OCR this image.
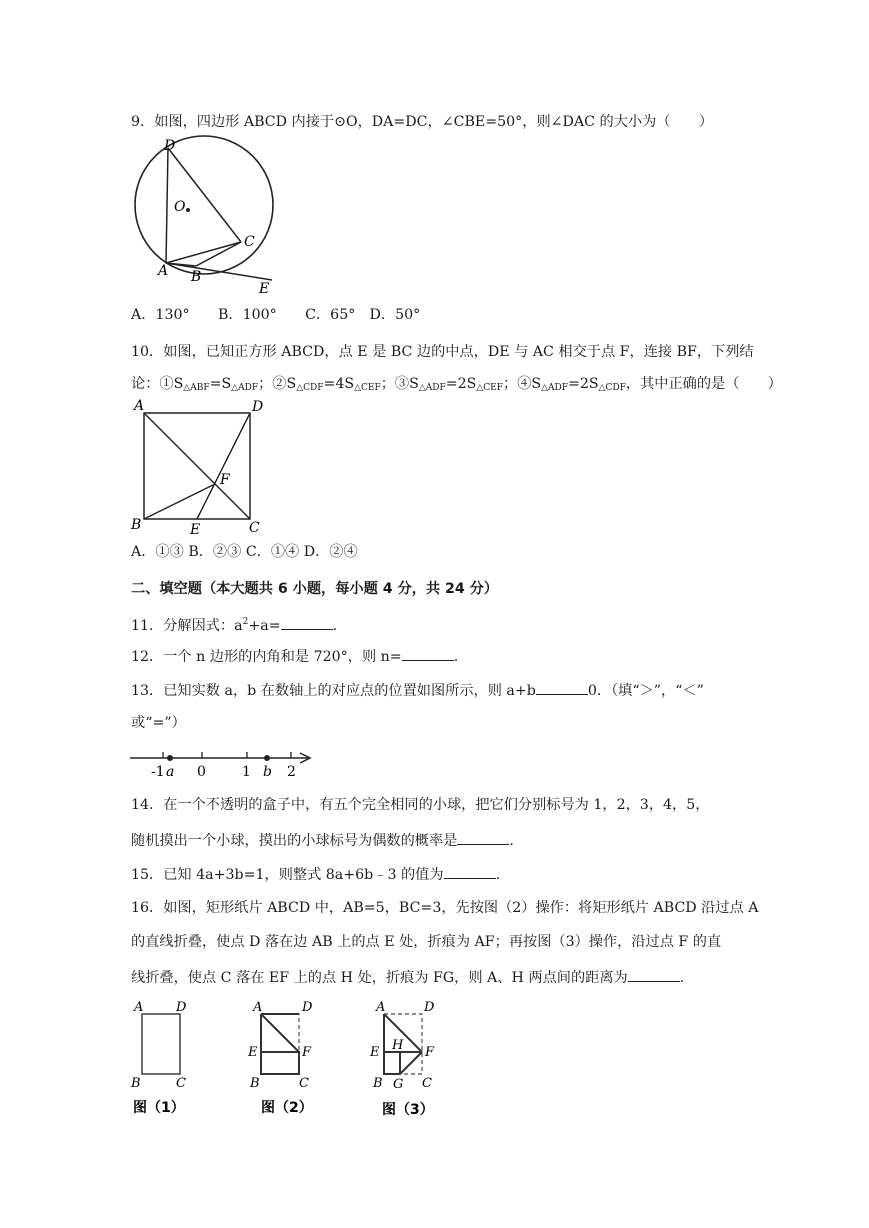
9．如图，四边形 ABCD 内接于⊙O，DA=DC，∠CBE=50°，则∠DAC 的大小为（　　）
D
O
C
A B
E
A．130°　　B．100°　　C．65°　D．50°
10．如图，已知正方形 ABCD，点 E 是 BC 边的中点，DE 与 AC 相交于点 F，连接 BF，下列结
论：$①S_{\triangle ABF}=S_{\triangle ADF}$；$②S_{\triangle CDF}=4S_{\triangle CEF}$；$③S_{\triangle ADF}=2S_{\triangle CEF}$；$④S_{\triangle ADF}=2S_{\triangle CDF}$，其中正确的是（　　）
A	D
F
B	E	C
A．①③ B．②③ C．①④ D．②④
二、填空题（本大题共 6 小题，每小题 4 分，共 24 分）
11．分解因式：$a^2+a=$	.
12．一个 n 边形的内角和是 720°，则 n=	.
13．已知实数 a，b 在数轴上的对应点的位置如图所示，则 a+b	0．（填“＞”，“＜”
或“=”）
-1 a 0	1 b 2
14．在一个不透明的盒子中，有五个完全相同的小球，把它们分别标号为 1，2，3，4，5，
随机摸出一个小球，摸出的小球标号为偶数的概率是	.
15．已知 4a+3b=1，则整式 8a+6b﹣3 的值为	.
16．如图，矩形纸片 ABCD 中，AB=5，BC=3，先按图（2）操作：将矩形纸片 ABCD 沿过点 A
的直线折叠，使点 D 落在边 AB 上的点 E 处，折痕为 AF；再按图（3）操作，沿过点 F 的直
线折叠，使点 C 落在 EF 上的点 H 处，折痕为 FG，则 A、H 两点间的距离为	.
A	D
B	C
图（1）
A	D
E	F
B	C
图（2）
A	D
E H F
B G C
图（3）
